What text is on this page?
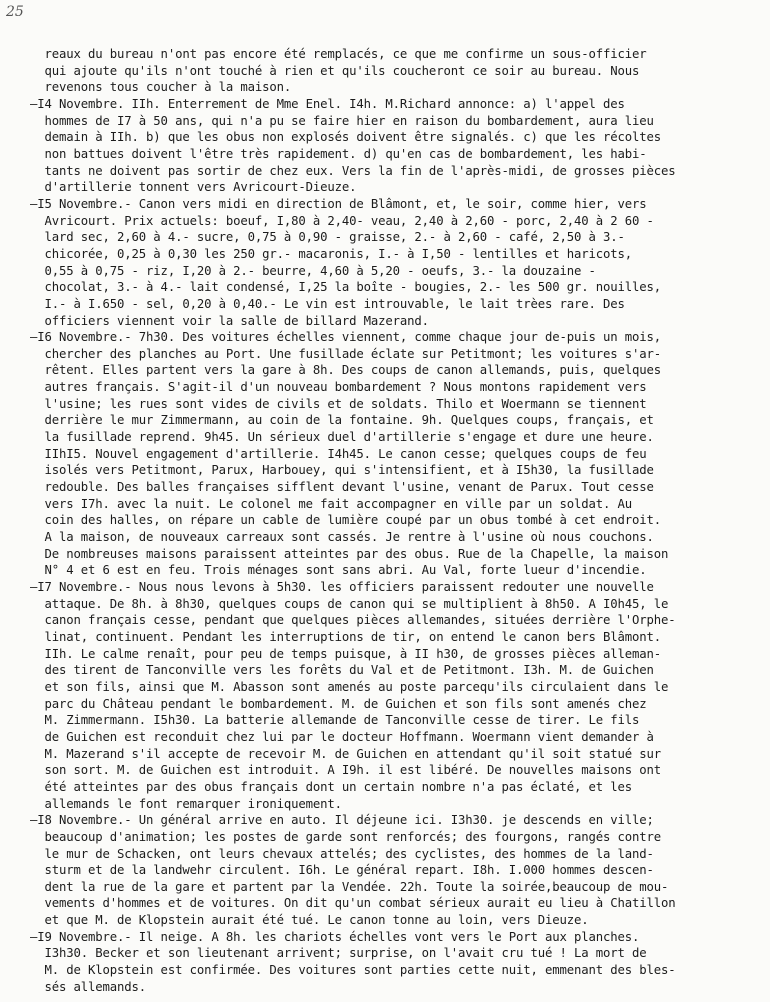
25
reaux du bureau n'ont pas encore été remplacés, ce que me confirme un sous-officier
qui ajoute qu'ils n'ont touché à rien et qu'ils coucheront ce soir au bureau. Nous
revenons tous coucher à la maison.
—I4 Novembre. IIh. Enterrement de Mme Enel. I4h. M.Richard annonce: a) l'appel des
hommes de I7 à 50 ans, qui n'a pu se faire hier en raison du bombardement, aura lieu
demain à IIh. b) que les obus non explosés doivent être signalés. c) que les récoltes
non battues doivent l'être très rapidement. d) qu'en cas de bombardement, les habi-
tants ne doivent pas sortir de chez eux. Vers la fin de l'après-midi, de grosses pièces
d'artillerie tonnent vers Avricourt-Dieuze.
—I5 Novembre.- Canon vers midi en direction de Blâmont, et, le soir, comme hier, vers
Avricourt. Prix actuels: boeuf, I,80 à 2,40- veau, 2,40 à 2,60 - porc, 2,40 à 2 60 -
lard sec, 2,60 à 4.- sucre, 0,75 à 0,90 - graisse, 2.- à 2,60 - café, 2,50 à 3.-
chicorée, 0,25 à 0,30 les 250 gr.- macaronis, I.- à I,50 - lentilles et haricots,
0,55 à 0,75 - riz, I,20 à 2.- beurre, 4,60 à 5,20 - oeufs, 3.- la douzaine -
chocolat, 3.- à 4.- lait condensé, I,25 la boîte - bougies, 2.- les 500 gr. nouilles,
I.- à I.650 - sel, 0,20 à 0,40.- Le vin est introuvable, le lait trèes rare. Des
officiers viennent voir la salle de billard Mazerand.
—I6 Novembre.- 7h30. Des voitures échelles viennent, comme chaque jour de-puis un mois,
chercher des planches au Port. Une fusillade éclate sur Petitmont; les voitures s'ar-
rêtent. Elles partent vers la gare à 8h. Des coups de canon allemands, puis, quelques
autres français. S'agit-il d'un nouveau bombardement ? Nous montons rapidement vers
l'usine; les rues sont vides de civils et de soldats. Thilo et Woermann se tiennent
derrière le mur Zimmermann, au coin de la fontaine. 9h. Quelques coups, français, et
la fusillade reprend. 9h45. Un sérieux duel d'artillerie s'engage et dure une heure.
IIhI5. Nouvel engagement d'artillerie. I4h45. Le canon cesse; quelques coups de feu
isolés vers Petitmont, Parux, Harbouey, qui s'intensifient, et à I5h30, la fusillade
redouble. Des balles françaises sifflent devant l'usine, venant de Parux. Tout cesse
vers I7h. avec la nuit. Le colonel me fait accompagner en ville par un soldat. Au
coin des halles, on répare un cable de lumière coupé par un obus tombé à cet endroit.
A la maison, de nouveaux carreaux sont cassés. Je rentre à l'usine où nous couchons.
De nombreuses maisons paraissent atteintes par des obus. Rue de la Chapelle, la maison
N° 4 et 6 est en feu. Trois ménages sont sans abri. Au Val, forte lueur d'incendie.
—I7 Novembre.- Nous nous levons à 5h30. les officiers paraissent redouter une nouvelle
attaque. De 8h. à 8h30, quelques coups de canon qui se multiplient à 8h50. A I0h45, le
canon français cesse, pendant que quelques pièces allemandes, situées derrière l'Orphe-
linat, continuent. Pendant les interruptions de tir, on entend le canon bers Blâmont.
IIh. Le calme renaît, pour peu de temps puisque, à II h30, de grosses pièces alleman-
des tirent de Tanconville vers les forêts du Val et de Petitmont. I3h. M. de Guichen
et son fils, ainsi que M. Abasson sont amenés au poste parcequ'ils circulaient dans le
parc du Château pendant le bombardement. M. de Guichen et son fils sont amenés chez
M. Zimmermann. I5h30. La batterie allemande de Tanconville cesse de tirer. Le fils
de Guichen est reconduit chez lui par le docteur Hoffmann. Woermann vient demander à
M. Mazerand s'il accepte de recevoir M. de Guichen en attendant qu'il soit statué sur
son sort. M. de Guichen est introduit. A I9h. il est libéré. De nouvelles maisons ont
été atteintes par des obus français dont un certain nombre n'a pas éclaté, et les
allemands le font remarquer ironiquement.
—I8 Novembre.- Un général arrive en auto. Il déjeune ici. I3h30. je descends en ville;
beaucoup d'animation; les postes de garde sont renforcés; des fourgons, rangés contre
le mur de Schacken, ont leurs chevaux attelés; des cyclistes, des hommes de la land-
sturm et de la landwehr circulent. I6h. Le général repart. I8h. I.000 hommes descen-
dent la rue de la gare et partent par la Vendée. 22h. Toute la soirée,beaucoup de mou-
vements d'hommes et de voitures. On dit qu'un combat sérieux aurait eu lieu à Chatillon
et que M. de Klopstein aurait été tué. Le canon tonne au loin, vers Dieuze.
—I9 Novembre.- Il neige. A 8h. les chariots échelles vont vers le Port aux planches.
I3h30. Becker et son lieutenant arrivent; surprise, on l'avait cru tué ! La mort de
M. de Klopstein est confirmée. Des voitures sont parties cette nuit, emmenant des bles-
sés allemands.
